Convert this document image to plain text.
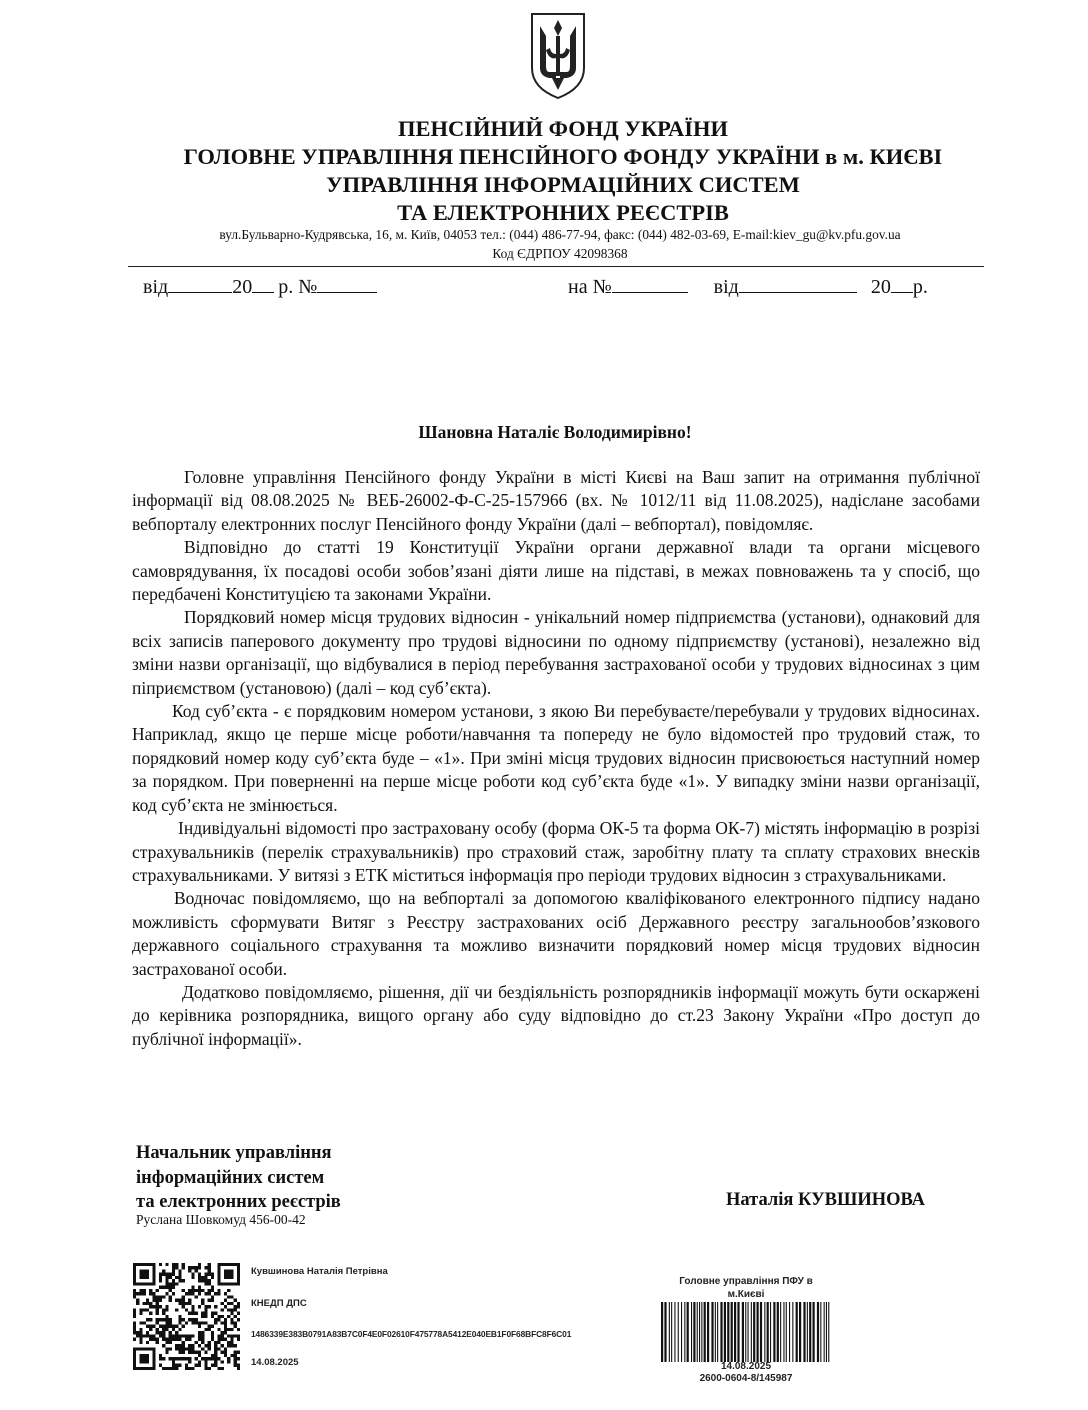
ПЕНСІЙНИЙ ФОНД УКРАЇНИ
ГОЛОВНЕ УПРАВЛІННЯ ПЕНСІЙНОГО ФОНДУ УКРАЇНИ в м. КИЄВІ
УПРАВЛІННЯ ІНФОРМАЦІЙНИХ СИСТЕМ
ТА ЕЛЕКТРОННИХ РЕЄСТРІВ
вул.Бульварно-Кудрявська, 16, м. Київ, 04053 тел.: (044) 486-77-94, факс: (044) 482-03-69, E-mail:kiev_gu@kv.pfu.gov.ua
Код ЄДРПОУ 42098368
від	20 р. №	на №	від	20 р.
Шановна Наталіє Володимирівно!

Головне управління Пенсійного фонду України в місті Києві на Ваш запит на отримання публічної інформації від 08.08.2025 № ВЕБ-26002-Ф-С-25-157966 (вх. № 1012/11 від 11.08.2025), надіслане засобами вебпорталу електронних послуг Пенсійного фонду України (далі – вебпортал), повідомляє.

Відповідно до статті 19 Конституції України органи державної влади та органи місцевого самоврядування, їх посадові особи зобов’язані діяти лише на підставі, в межах повноважень та у спосіб, що передбачені Конституцією та законами України.

Порядковий номер місця трудових відносин - унікальний номер підприємства (установи), однаковий для всіх записів паперового документу про трудові відносини по одному підприємству (установі), незалежно від зміни назви організації, що відбувалися в період перебування застрахованої особи у трудових відносинах з цим піприємством (установою) (далі – код суб’єкта).

Код суб’єкта - є порядковим номером установи, з якою Ви перебуваєте/перебували у трудових відносинах. Наприклад, якщо це перше місце роботи/навчання та попереду не було відомостей про трудовий стаж, то порядковий номер коду суб’єкта буде – «1». При зміні місця трудових відносин присвоюється наступний номер за порядком. При поверненні на перше місце роботи код суб’єкта буде «1». У випадку зміни назви організації, код суб’єкта не змінюється.

Індивідуальні відомості про застраховану особу (форма ОК-5 та форма ОК-7) містять інформацію в розрізі страхувальників (перелік страхувальників) про страховий стаж, заробітну плату та сплату страхових внесків страхувальниками. У витязі з ЕТК міститься інформація про періоди трудових відносин з страхувальниками.

Водночас повідомляємо, що на вебпорталі за допомогою кваліфікованого електронного підпису надано можливість сформувати Витяг з Реєстру застрахованих осіб Державного реєстру загальнообов’язкового державного соціального страхування та можливо визначити порядковий номер місця трудових відносин застрахованої особи.

Додатково повідомляємо, рішення, дії чи бездіяльність розпорядників інформації можуть бути оскаржені до керівника розпорядника, вищого органу або суду відповідно до ст.23 Закону України «Про доступ до публічної інформації».

Начальник управління
інформаційних систем
та електронних реєстрів
Руслана Шовкомуд 456-00-42
Наталія КУВШИНОВА
Кувшинова Наталія Петрівна
КНЕДП ДПС
1486339E383B0791A83B7C0F4E0F02610F475778A5412E040EB1F0F68BFC8F6C01
14.08.2025
Головне управління ПФУ в
м.Києві
14.08.2025
2600-0604-8/145987
